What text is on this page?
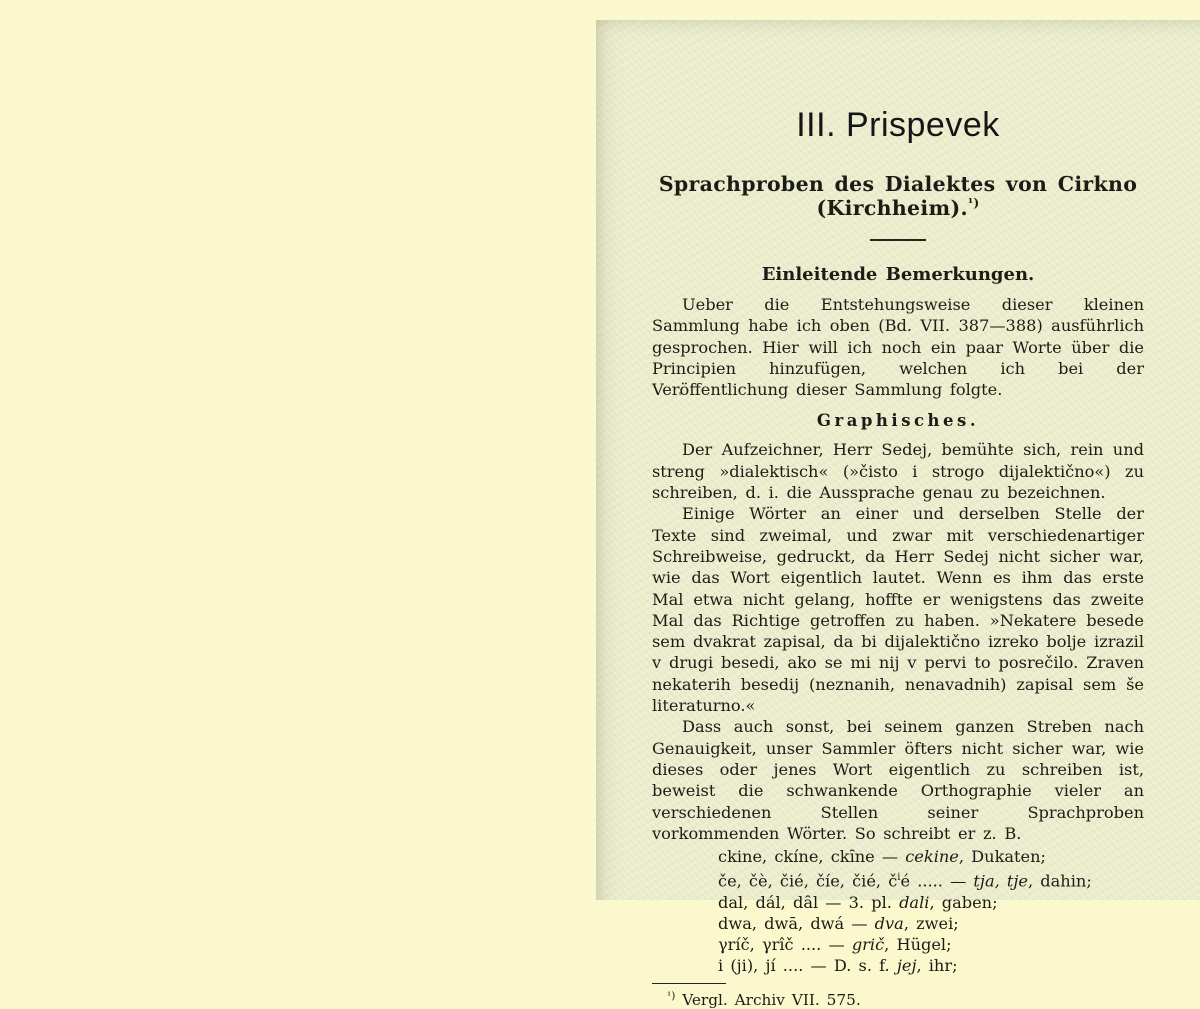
III. Prispevek
Sprachproben des Dialektes von Cirkno (Kirchheim).$^{^1)}$
Einleitende Bemerkungen.

Ueber die Entstehungsweise dieser kleinen Sammlung habe ich oben (Bd. VII. 387—388) ausführlich gesprochen. Hier will ich noch ein paar Worte über die Principien hinzufügen, welchen ich bei der Veröffentlichung dieser Sammlung folgte.

Graphisches.

Der Aufzeichner, Herr Sedej, bemühte sich, rein und streng »dialektisch« (»čisto i strogo dijalektično«) zu schreiben, d. i. die Aussprache genau zu bezeichnen.

Einige Wörter an einer und derselben Stelle der Texte sind zweimal, und zwar mit verschiedenartiger Schreibweise, gedruckt, da Herr Sedej nicht sicher war, wie das Wort eigentlich lautet. Wenn es ihm das erste Mal etwa nicht gelang, hoffte er wenigstens das zweite Mal das Richtige getroffen zu haben. »Nekatere besede sem dvakrat zapisal, da bi dijalektično izreko bolje izrazil v drugi besedi, ako se mi nij v pervi to posrečilo. Zraven nekaterih besedij (neznanih, nenavadnih) zapisal sem še literaturno.«

Dass auch sonst, bei seinem ganzen Streben nach Genauigkeit, unser Sammler öfters nicht sicher war, wie dieses oder jenes Wort eigentlich zu schreiben ist, beweist die schwankende Orthographie vieler an verschiedenen Stellen seiner Sprachproben vorkommenden Wörter. So schreibt er z. B.

ckine, ckíne, ckȋne — cekine, Dukaten;
če, čè, čié, číe, čié, $č^ié$ ..... — tja, tje, dahin;
dal, dál, dȃl — 3. pl. dali, gaben;
dwa, dwā, dwá — dva, zwei;
γríč, γrîč .... — grič, Hügel;
i (ji), jí .... — D. s. f. jej, ihr;

$^{^1)}$ Vergl. Archiv VII. 575.
